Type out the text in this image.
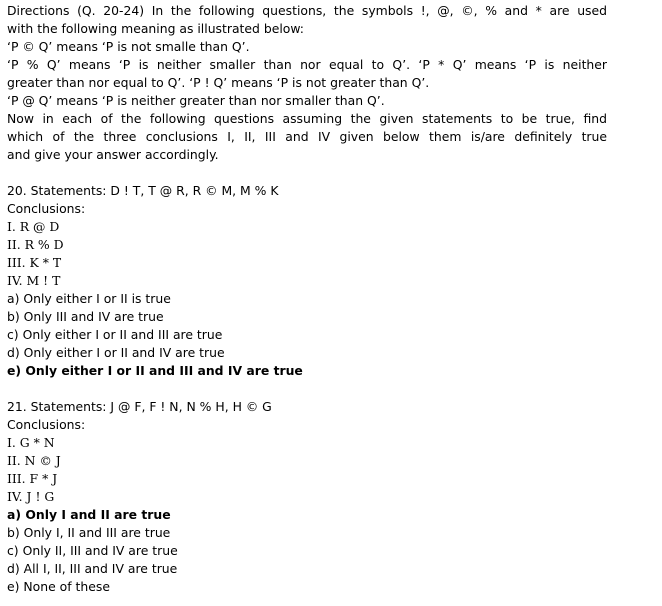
Directions (Q. 20-24) In the following questions, the symbols !, @, ©, % and * are used
with the following meaning as illustrated below:
‘P © Q’ means ‘P is not smalle than Q’.
‘P % Q’ means ‘P is neither smaller than nor equal to Q’. ‘P * Q’ means ‘P is neither
greater than nor equal to Q’. ‘P ! Q’ means ‘P is not greater than Q’.
‘P @ Q’ means ‘P is neither greater than nor smaller than Q’.
Now in each of the following questions assuming the given statements to be true, find
which of the three conclusions I, II, III and IV given below them is/are definitely true
and give your answer accordingly.
20. Statements: D ! T, T @ R, R © M, M % K
Conclusions:
I. R @ D
II. R % D
III. K * T
IV. M ! T
a) Only either I or II is true
b) Only III and IV are true
c) Only either I or II and III are true
d) Only either I or II and IV are true
e) Only either I or II and III and IV are true
21. Statements: J @ F, F ! N, N % H, H © G
Conclusions:
I. G * N
II. N © J
III. F * J
IV. J ! G
a) Only I and II are true
b) Only I, II and III are true
c) Only II, III and IV are true
d) All I, II, III and IV are true
e) None of these
